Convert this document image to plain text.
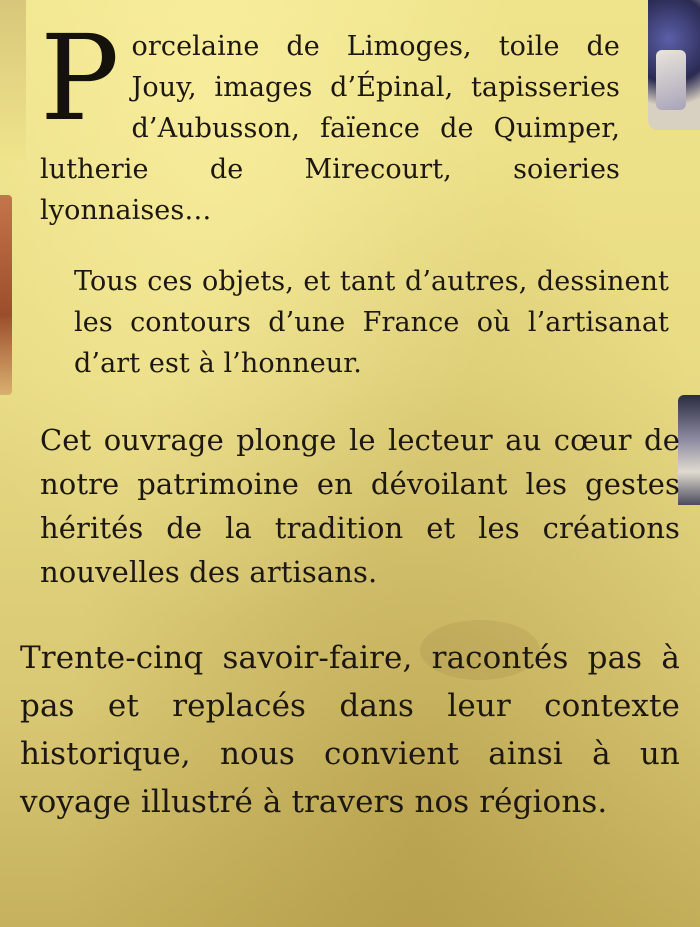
P orcelaine de Limoges, toile de Jouy, images d’Épinal, tapisseries d’Aubusson, faïence de Quimper, lutherie de Mirecourt, soieries lyonnaises…

Tous ces objets, et tant d’autres, dessinent les contours d’une France où l’artisanat d’art est à l’honneur.

Cet ouvrage plonge le lecteur au cœur de notre patrimoine en dévoilant les gestes hérités de la tradition et les créations nouvelles des artisans.

Trente-cinq savoir-faire, racontés pas à pas et replacés dans leur contexte historique, nous convient ainsi à un voyage illustré à travers nos régions.
